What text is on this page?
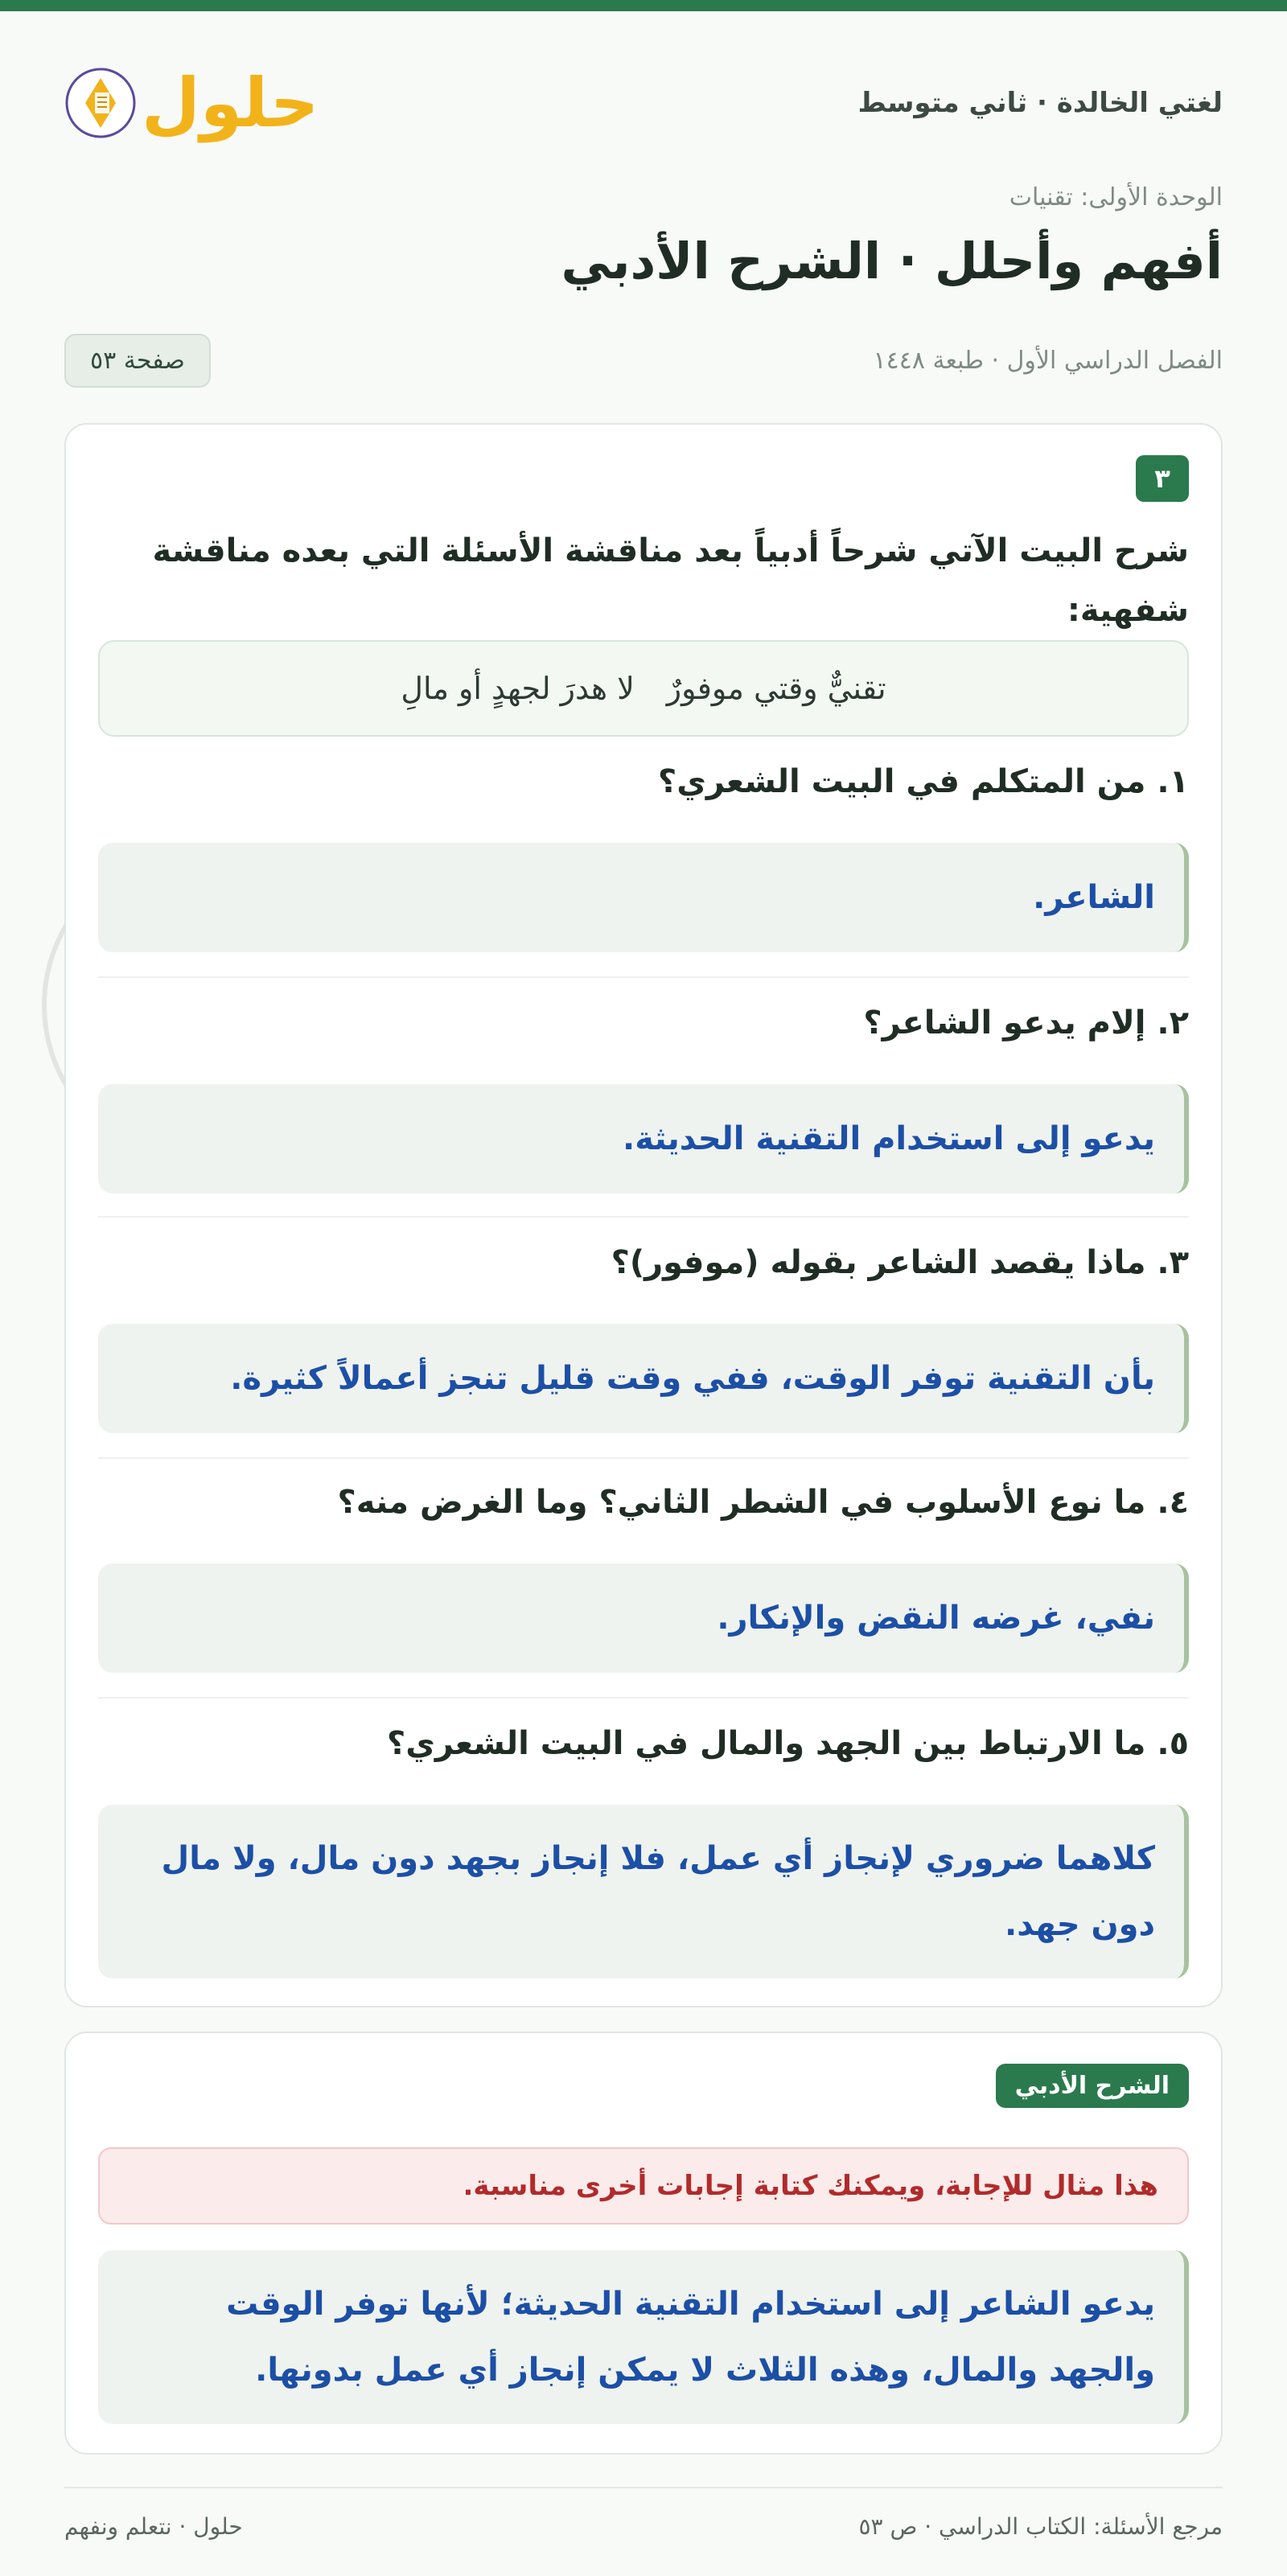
لغتي الخالدة · ثاني متوسط
حلول
الوحدة الأولى: تقنيات
أفهم وأحلل · الشرح الأدبي
الفصل الدراسي الأول · طبعة ١٤٤٨
صفحة ٥٣
٣

شرح البيت الآتي شرحاً أدبياً بعد مناقشة الأسئلة التي بعده مناقشة شفهية:

تقنيٌّ وقتي موفورٌ
لا هدرَ لجهدٍ أو مالِ

١. من المتكلم في البيت الشعري؟

الشاعر.

٢. إلام يدعو الشاعر؟

يدعو إلى استخدام التقنية الحديثة.

٣. ماذا يقصد الشاعر بقوله (موفور)؟

بأن التقنية توفر الوقت، ففي وقت قليل تنجز أعمالاً كثيرة.

٤. ما نوع الأسلوب في الشطر الثاني؟ وما الغرض منه؟

نفي، غرضه النقض والإنكار.

٥. ما الارتباط بين الجهد والمال في البيت الشعري؟

كلاهما ضروري لإنجاز أي عمل، فلا إنجاز بجهد دون مال، ولا مال دون جهد.
الشرح الأدبي
هذا مثال للإجابة، ويمكنك كتابة إجابات أخرى مناسبة.
يدعو الشاعر إلى استخدام التقنية الحديثة؛ لأنها توفر الوقت والجهد والمال، وهذه الثلاث لا يمكن إنجاز أي عمل بدونها.
مرجع الأسئلة: الكتاب الدراسي · ص ٥٣
حلول · نتعلم ونفهم
